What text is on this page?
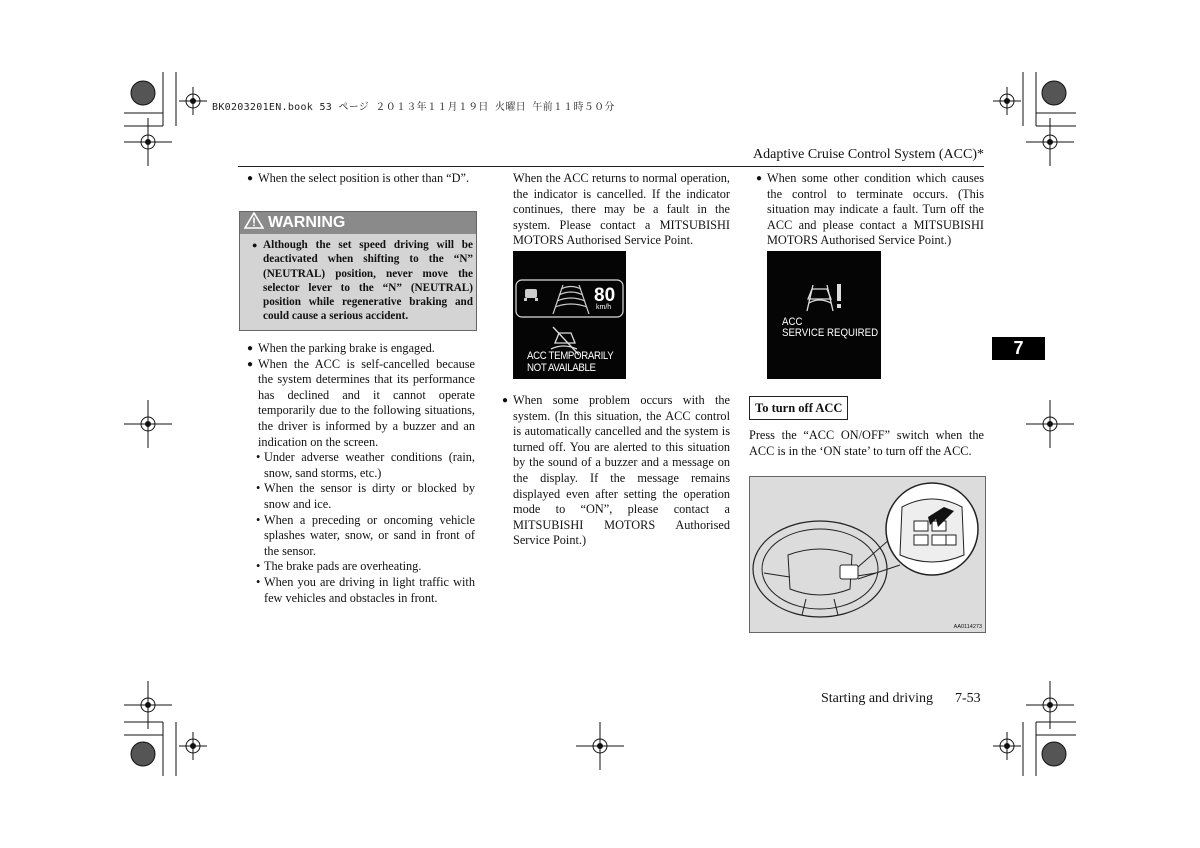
BK0203201EN.book 53 ページ ２０１３年１１月１９日 火曜日 午前１１時５０分
Adaptive Cruise Control System (ACC)*

● When the select position is other than “D”.

WARNING

● Although the set speed driving will be deactivated when shifting to the “N” (NEUTRAL) position, never move the selector lever to the “N” (NEUTRAL) position while regenerative braking and could cause a serious accident.

● When the parking brake is engaged.

● When the ACC is self-cancelled because the system determines that its performance has declined and it cannot operate temporarily due to the following situations, the driver is informed by a buzzer and an indication on the screen.

• Under adverse weather conditions (rain, snow, sand storms, etc.)

• When the sensor is dirty or blocked by snow and ice.

• When a preceding or oncoming vehicle splashes water, snow, or sand in front of the sensor.

• The brake pads are overheating.

• When you are driving in light traffic with few vehicles and obstacles in front.

When the ACC returns to normal operation, the indicator is cancelled. If the indicator continues, there may be a fault in the system. Please contact a MITSUBISHI MOTORS Authorised Service Point.

80
km/h
ACC TEMPORARILY
NOT AVAILABLE

● When some problem occurs with the system. (In this situation, the ACC control is automatically cancelled and the system is turned off. You are alerted to this situation by the sound of a buzzer and a message on the display. If the message remains displayed even after setting the operation mode to “ON”, please contact a MITSUBISHI MOTORS Authorised Service Point.)

● When some other condition which causes the control to terminate occurs. (This situation may indicate a fault. Turn off the ACC and please contact a MITSUBISHI MOTORS Authorised Service Point.)

ACC
SERVICE REQUIRED
To turn off ACC

Press the “ACC ON/OFF” switch when the ACC is in the ‘ON state’ to turn off the ACC.

AA0114273
7
Starting and driving 7-53
